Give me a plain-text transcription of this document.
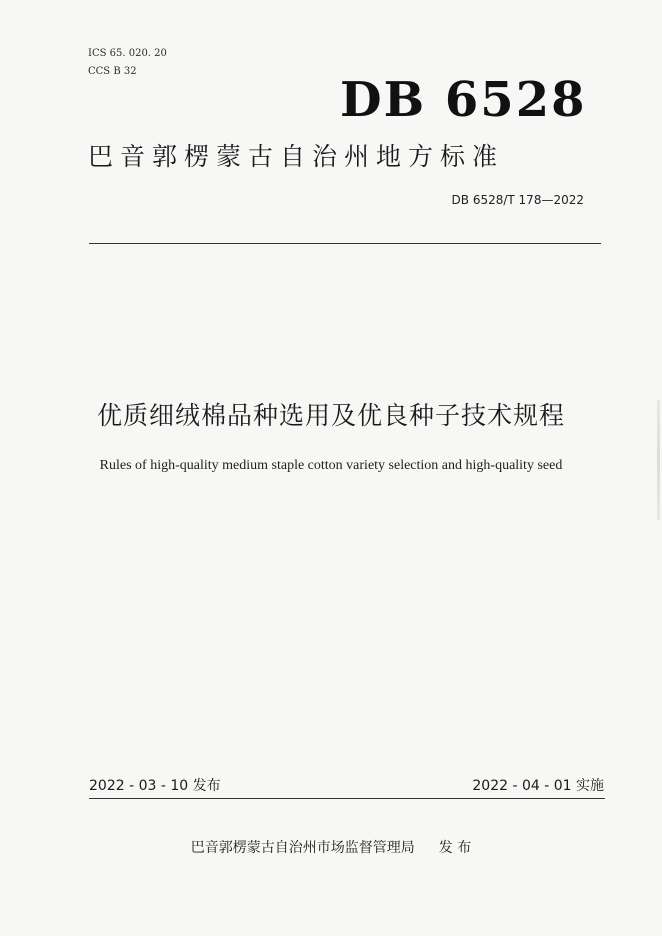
ICS 65. 020. 20
CCS B 32
DB 6528
巴音郭楞蒙古自治州地方标准
DB 6528/T 178—2022
优质细绒棉品种选用及优良种子技术规程
Rules of high-quality medium staple cotton variety selection and high-quality seed
2022 - 03 - 10 发布	2022 - 04 - 01 实施
巴音郭楞蒙古自治州市场监督管理局 发 布
